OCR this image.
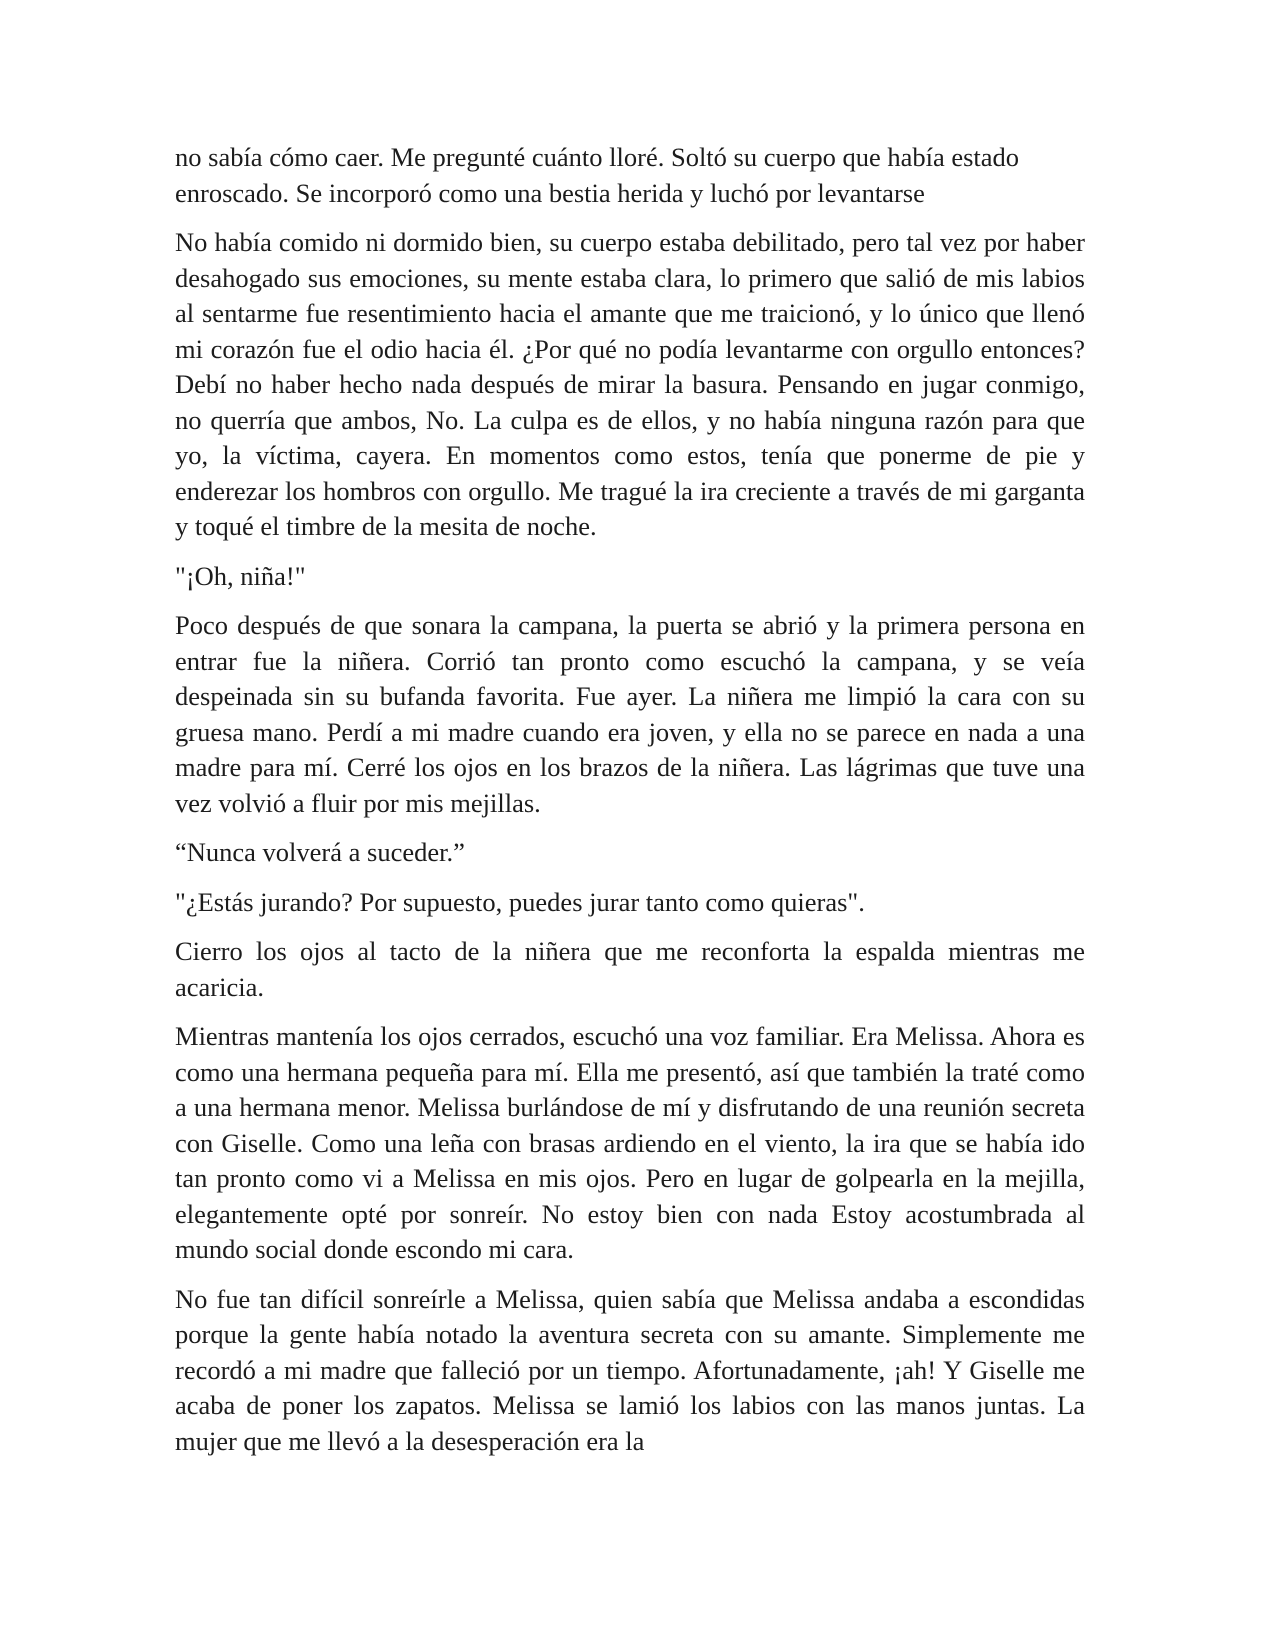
no sabía cómo caer. Me pregunté cuánto lloré. Soltó su cuerpo que había estado enroscado. Se incorporó como una bestia herida y luchó por levantarse

No había comido ni dormido bien, su cuerpo estaba debilitado, pero tal vez por haber desahogado sus emociones, su mente estaba clara, lo primero que salió de mis labios al sentarme fue resentimiento hacia el amante que me traicionó, y lo único que llenó mi corazón fue el odio hacia él. ¿Por qué no podía levantarme con orgullo entonces? Debí no haber hecho nada después de mirar la basura. Pensando en jugar conmigo, no querría que ambos, No. La culpa es de ellos, y no había ninguna razón para que yo, la víctima, cayera. En momentos como estos, tenía que ponerme de pie y enderezar los hombros con orgullo. Me tragué la ira creciente a través de mi garganta y toqué el timbre de la mesita de noche.

"¡Oh, niña!"

Poco después de que sonara la campana, la puerta se abrió y la primera persona en entrar fue la niñera. Corrió tan pronto como escuchó la campana, y se veía despeinada sin su bufanda favorita. Fue ayer. La niñera me limpió la cara con su gruesa mano. Perdí a mi madre cuando era joven, y ella no se parece en nada a una madre para mí. Cerré los ojos en los brazos de la niñera. Las lágrimas que tuve una vez volvió a fluir por mis mejillas.

“Nunca volverá a suceder.”

"¿Estás jurando? Por supuesto, puedes jurar tanto como quieras".

Cierro los ojos al tacto de la niñera que me reconforta la espalda mientras me acaricia.

Mientras mantenía los ojos cerrados, escuchó una voz familiar. Era Melissa. Ahora es como una hermana pequeña para mí. Ella me presentó, así que también la traté como a una hermana menor. Melissa burlándose de mí y disfrutando de una reunión secreta con Giselle. Como una leña con brasas ardiendo en el viento, la ira que se había ido tan pronto como vi a Melissa en mis ojos. Pero en lugar de golpearla en la mejilla, elegantemente opté por sonreír. No estoy bien con nada Estoy acostumbrada al mundo social donde escondo mi cara.

No fue tan difícil sonreírle a Melissa, quien sabía que Melissa andaba a escondidas porque la gente había notado la aventura secreta con su amante. Simplemente me recordó a mi madre que falleció por un tiempo. Afortunadamente, ¡ah! Y Giselle me acaba de poner los zapatos. Melissa se lamió los labios con las manos juntas. La mujer que me llevó a la desesperación era la
